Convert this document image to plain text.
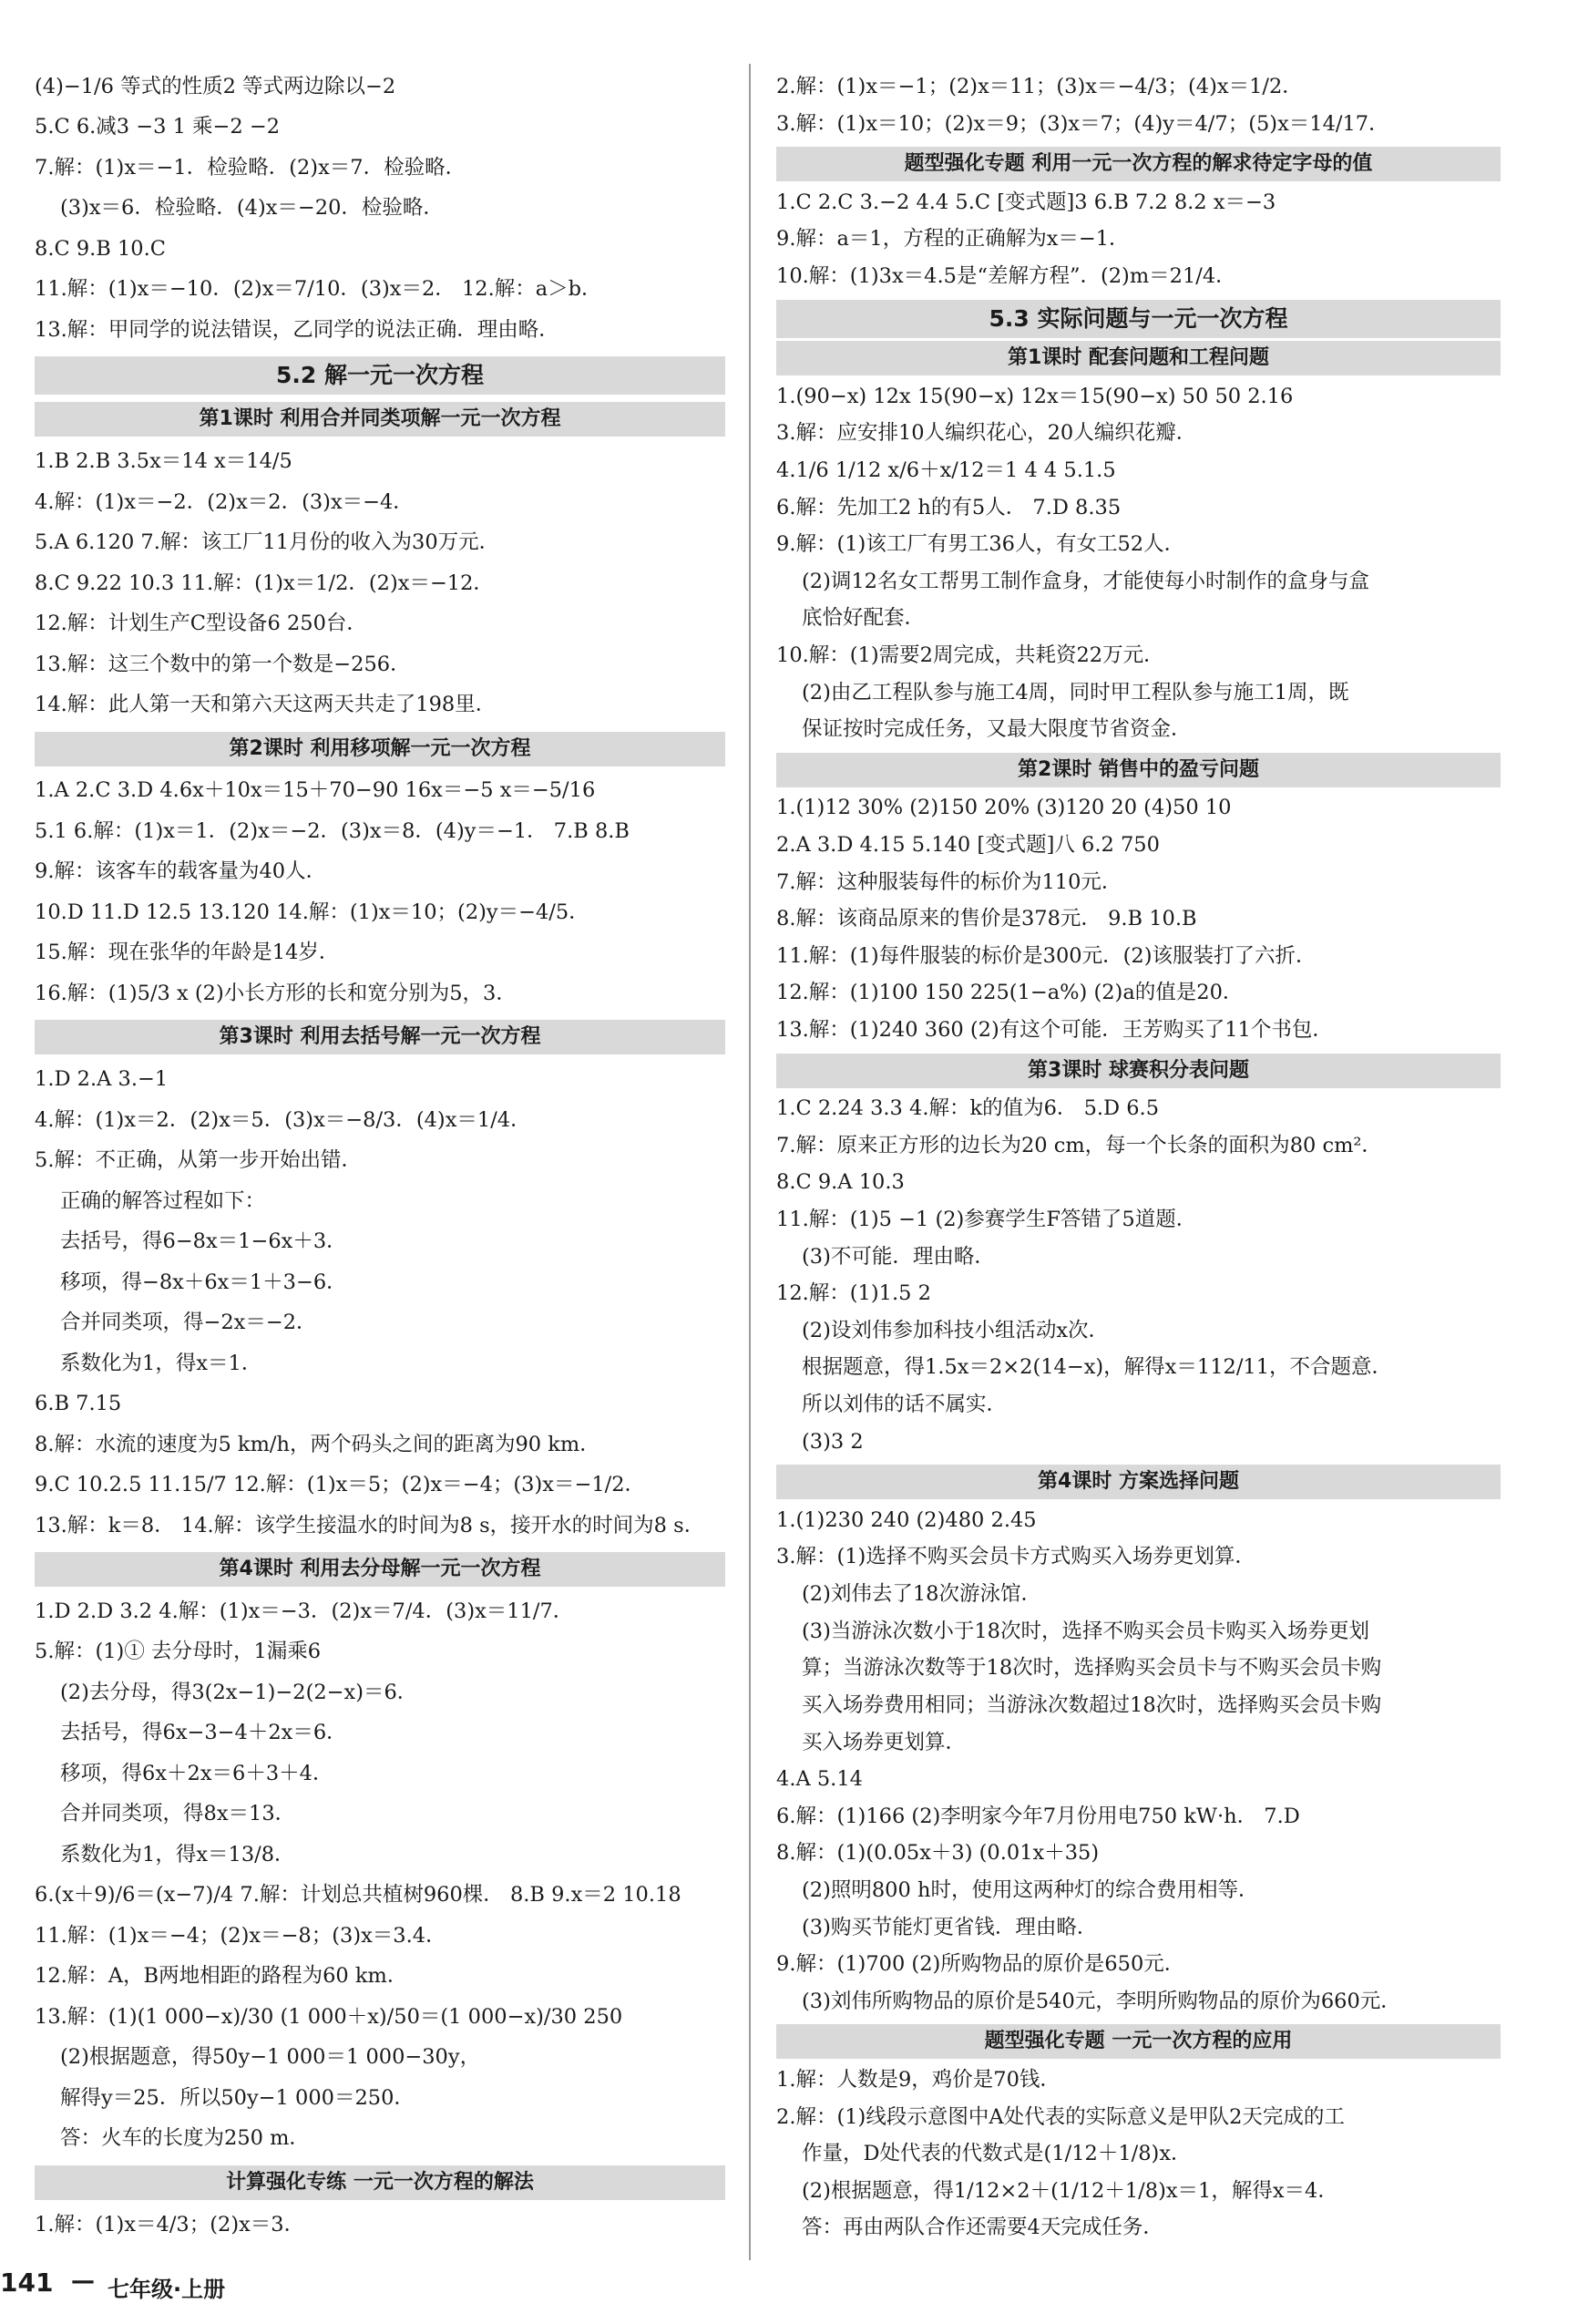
(4)−1/6 等式的性质2 等式两边除以−2
5.C 6.减3 −3 1 乘−2 −2
7.解：(1)x＝−1．检验略．(2)x＝7．检验略．
(3)x＝6．检验略．(4)x＝−20．检验略．
8.C 9.B 10.C
11.解：(1)x＝−10．(2)x＝7/10．(3)x＝2． 12.解：a＞b．
13.解：甲同学的说法错误，乙同学的说法正确．理由略．
5.2 解一元一次方程
第1课时 利用合并同类项解一元一次方程
1.B 2.B 3.5x＝14 x＝14/5
4.解：(1)x＝−2．(2)x＝2．(3)x＝−4．
5.A 6.120 7.解：该工厂11月份的收入为30万元．
8.C 9.22 10.3 11.解：(1)x＝1/2．(2)x＝−12．
12.解：计划生产C型设备6 250台．
13.解：这三个数中的第一个数是−256．
14.解：此人第一天和第六天这两天共走了198里．
第2课时 利用移项解一元一次方程
1.A 2.C 3.D 4.6x＋10x＝15＋70−90 16x＝−5 x＝−5/16
5.1 6.解：(1)x＝1．(2)x＝−2．(3)x＝8．(4)y＝−1． 7.B 8.B
9.解：该客车的载客量为40人．
10.D 11.D 12.5 13.120 14.解：(1)x＝10；(2)y＝−4/5．
15.解：现在张华的年龄是14岁．
16.解：(1)5/3 x (2)小长方形的长和宽分别为5，3．
第3课时 利用去括号解一元一次方程
1.D 2.A 3.−1
4.解：(1)x＝2．(2)x＝5．(3)x＝−8/3．(4)x＝1/4．
5.解：不正确，从第一步开始出错．
正确的解答过程如下：
去括号，得6−8x＝1−6x＋3．
移项，得−8x＋6x＝1＋3−6．
合并同类项，得−2x＝−2．
系数化为1，得x＝1．
6.B 7.15
8.解：水流的速度为5 km/h，两个码头之间的距离为90 km．
9.C 10.2.5 11.15/7 12.解：(1)x＝5；(2)x＝−4；(3)x＝−1/2．
13.解：k＝8． 14.解：该学生接温水的时间为8 s，接开水的时间为8 s．
第4课时 利用去分母解一元一次方程
1.D 2.D 3.2 4.解：(1)x＝−3．(2)x＝7/4．(3)x＝11/7．
5.解：(1)① 去分母时，1漏乘6
(2)去分母，得3(2x−1)−2(2−x)＝6．
去括号，得6x−3−4＋2x＝6．
移项，得6x＋2x＝6＋3＋4．
合并同类项，得8x＝13．
系数化为1，得x＝13/8．
6.(x＋9)/6＝(x−7)/4 7.解：计划总共植树960棵． 8.B 9.x＝2 10.18
11.解：(1)x＝−4；(2)x＝−8；(3)x＝3.4．
12.解：A，B两地相距的路程为60 km．
13.解：(1)(1 000−x)/30 (1 000＋x)/50＝(1 000−x)/30 250
(2)根据题意，得50y−1 000＝1 000−30y，
解得y＝25．所以50y−1 000＝250．
答：火车的长度为250 m．
计算强化专练 一元一次方程的解法
1.解：(1)x＝4/3；(2)x＝3．
2.解：(1)x＝−1；(2)x＝11；(3)x＝−4/3；(4)x＝1/2．
3.解：(1)x＝10；(2)x＝9；(3)x＝7；(4)y＝4/7；(5)x＝14/17．
题型强化专题 利用一元一次方程的解求待定字母的值
1.C 2.C 3.−2 4.4 5.C [变式题]3 6.B 7.2 8.2 x＝−3
9.解：a＝1，方程的正确解为x＝−1．
10.解：(1)3x＝4.5是“差解方程”．(2)m＝21/4．
5.3 实际问题与一元一次方程
第1课时 配套问题和工程问题
1.(90−x) 12x 15(90−x) 12x＝15(90−x) 50 50 2.16
3.解：应安排10人编织花心，20人编织花瓣．
4.1/6 1/12 x/6＋x/12＝1 4 4 5.1.5
6.解：先加工2 h的有5人． 7.D 8.35
9.解：(1)该工厂有男工36人，有女工52人．
(2)调12名女工帮男工制作盒身，才能使每小时制作的盒身与盒
底恰好配套．
10.解：(1)需要2周完成，共耗资22万元．
(2)由乙工程队参与施工4周，同时甲工程队参与施工1周，既
保证按时完成任务，又最大限度节省资金．
第2课时 销售中的盈亏问题
1.(1)12 30% (2)150 20% (3)120 20 (4)50 10
2.A 3.D 4.15 5.140 [变式题]八 6.2 750
7.解：这种服装每件的标价为110元．
8.解：该商品原来的售价是378元． 9.B 10.B
11.解：(1)每件服装的标价是300元．(2)该服装打了六折．
12.解：(1)100 150 225(1−a%) (2)a的值是20．
13.解：(1)240 360 (2)有这个可能．王芳购买了11个书包．
第3课时 球赛积分表问题
1.C 2.24 3.3 4.解：k的值为6． 5.D 6.5
7.解：原来正方形的边长为20 cm，每一个长条的面积为80 cm²．
8.C 9.A 10.3
11.解：(1)5 −1 (2)参赛学生F答错了5道题．
(3)不可能．理由略．
12.解：(1)1.5 2
(2)设刘伟参加科技小组活动x次．
根据题意，得1.5x＝2×2(14−x)，解得x＝112/11，不合题意．
所以刘伟的话不属实．
(3)3 2
第4课时 方案选择问题
1.(1)230 240 (2)480 2.45
3.解：(1)选择不购买会员卡方式购买入场券更划算．
(2)刘伟去了18次游泳馆．
(3)当游泳次数小于18次时，选择不购买会员卡购买入场券更划
算；当游泳次数等于18次时，选择购买会员卡与不购买会员卡购
买入场券费用相同；当游泳次数超过18次时，选择购买会员卡购
买入场券更划算．
4.A 5.14
6.解：(1)166 (2)李明家今年7月份用电750 kW·h． 7.D
8.解：(1)(0.05x＋3) (0.01x＋35)
(2)照明800 h时，使用这两种灯的综合费用相等．
(3)购买节能灯更省钱．理由略．
9.解：(1)700 (2)所购物品的原价是650元．
(3)刘伟所购物品的原价是540元，李明所购物品的原价为660元．
题型强化专题 一元一次方程的应用
1.解：人数是9，鸡价是70钱．
2.解：(1)线段示意图中A处代表的实际意义是甲队2天完成的工
作量，D处代表的代数式是(1/12＋1/8)x．
(2)根据题意，得1/12×2＋(1/12＋1/8)x＝1，解得x＝4．
答：再由两队合作还需要4天完成任务．
141 — 七年级·上册
